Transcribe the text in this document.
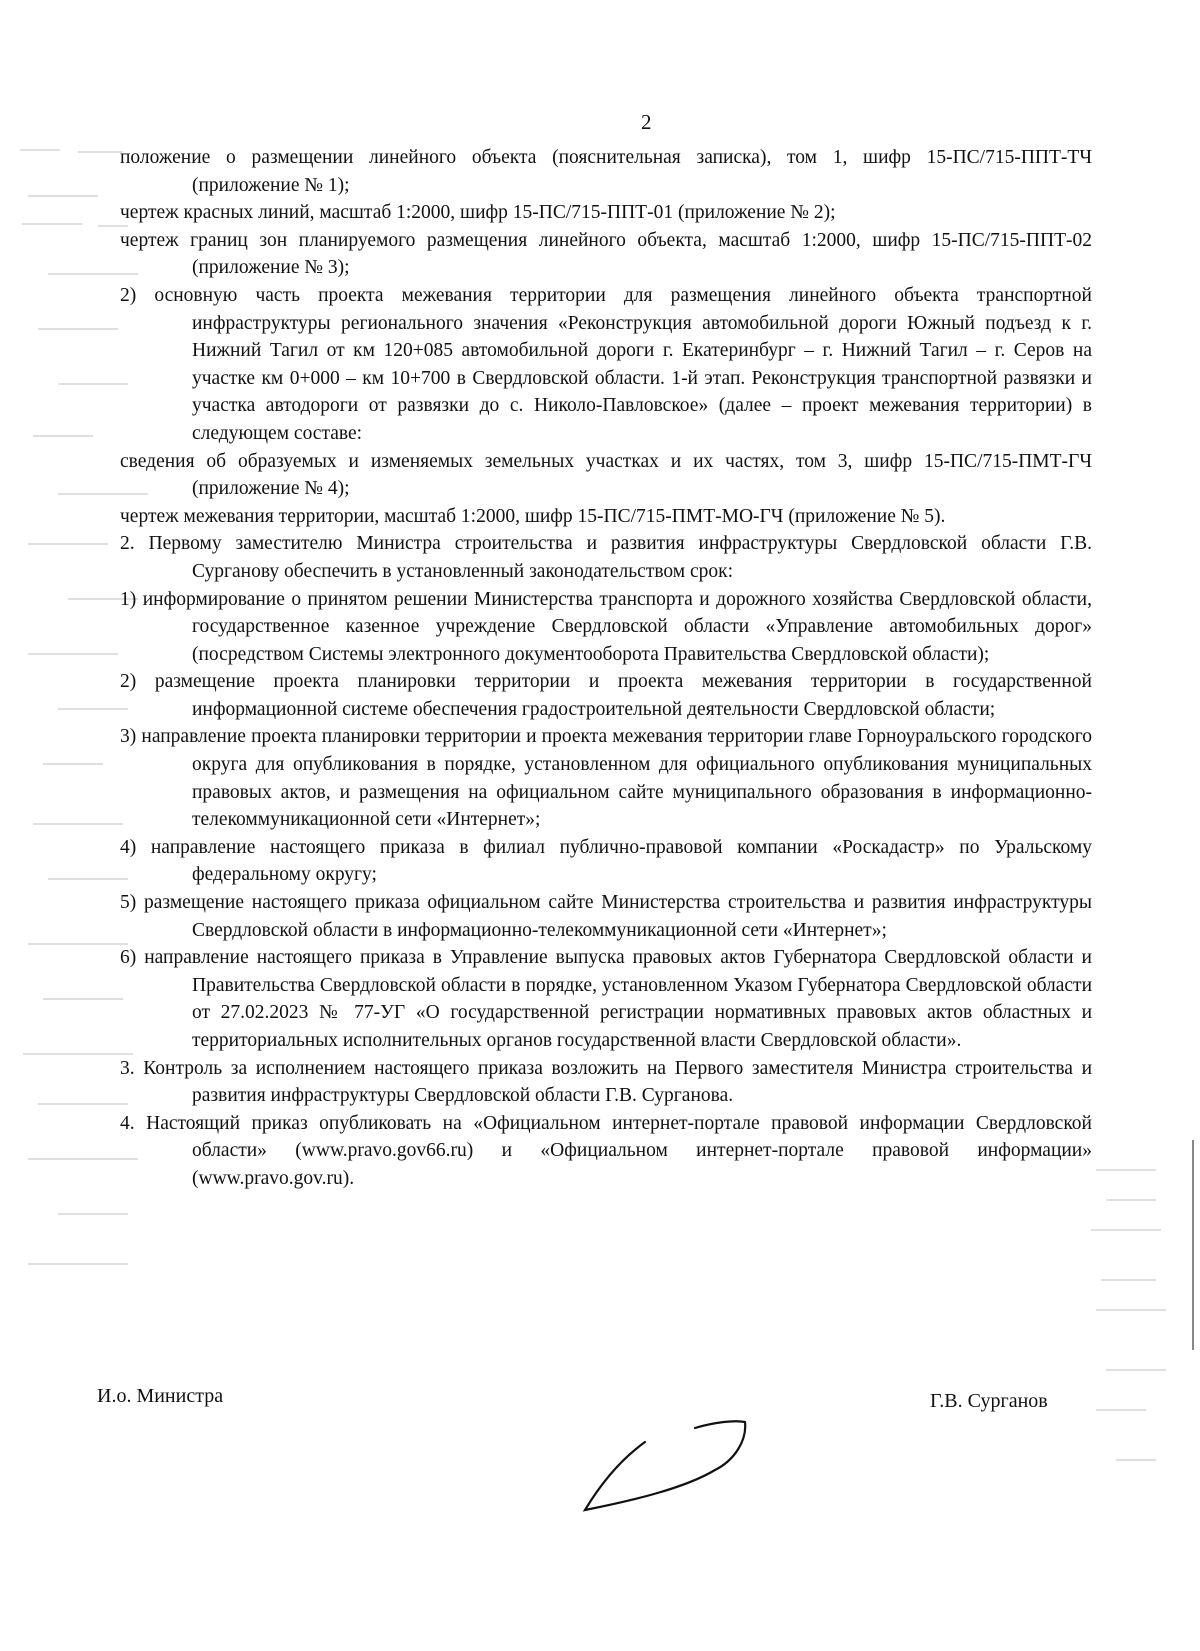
2

положение о размещении линейного объекта (пояснительная записка), том 1, шифр 15-ПС/715-ППТ-ТЧ (приложение № 1);

чертеж красных линий, масштаб 1:2000, шифр 15-ПС/715-ППТ-01 (приложение № 2);

чертеж границ зон планируемого размещения линейного объекта, масштаб 1:2000, шифр 15-ПС/715-ППТ-02 (приложение № 3);

2) основную часть проекта межевания территории для размещения линейного объекта транспортной инфраструктуры регионального значения «Реконструкция автомобильной дороги Южный подъезд к г. Нижний Тагил от км 120+085 автомобильной дороги г. Екатеринбург – г. Нижний Тагил – г. Серов на участке км 0+000 – км 10+700 в Свердловской области. 1-й этап. Реконструкция транспортной развязки и участка автодороги от развязки до с. Николо-Павловское» (далее – проект межевания территории) в следующем составе:

сведения об образуемых и изменяемых земельных участках и их частях, том 3, шифр 15-ПС/715-ПМТ-ГЧ (приложение № 4);

чертеж межевания территории, масштаб 1:2000, шифр 15-ПС/715-ПМТ-МО-ГЧ (приложение № 5).

2. Первому заместителю Министра строительства и развития инфраструктуры Свердловской области Г.В. Сурганову обеспечить в установленный законодательством срок:

1) информирование о принятом решении Министерства транспорта и дорожного хозяйства Свердловской области, государственное казенное учреждение Свердловской области «Управление автомобильных дорог» (посредством Системы электронного документооборота Правительства Свердловской области);

2) размещение проекта планировки территории и проекта межевания территории в государственной информационной системе обеспечения градостроительной деятельности Свердловской области;

3) направление проекта планировки территории и проекта межевания территории главе Горноуральского городского округа для опубликования в порядке, установленном для официального опубликования муниципальных правовых актов, и размещения на официальном сайте муниципального образования в информационно-телекоммуникационной сети «Интернет»;

4) направление настоящего приказа в филиал публично-правовой компании «Роскадастр» по Уральскому федеральному округу;

5) размещение настоящего приказа официальном сайте Министерства строительства и развития инфраструктуры Свердловской области в информационно-телекоммуникационной сети «Интернет»;

6) направление настоящего приказа в Управление выпуска правовых актов Губернатора Свердловской области и Правительства Свердловской области в порядке, установленном Указом Губернатора Свердловской области от 27.02.2023 № 77-УГ «О государственной регистрации нормативных правовых актов областных и территориальных исполнительных органов государственной власти Свердловской области».

3. Контроль за исполнением настоящего приказа возложить на Первого заместителя Министра строительства и развития инфраструктуры Свердловской области Г.В. Сурганова.

4. Настоящий приказ опубликовать на «Официальном интернет-портале правовой информации Свердловской области» (www.pravo.gov66.ru) и «Официальном интернет-портале правовой информации» (www.pravo.gov.ru).

И.о. Министра	Г.В. Сурганов
